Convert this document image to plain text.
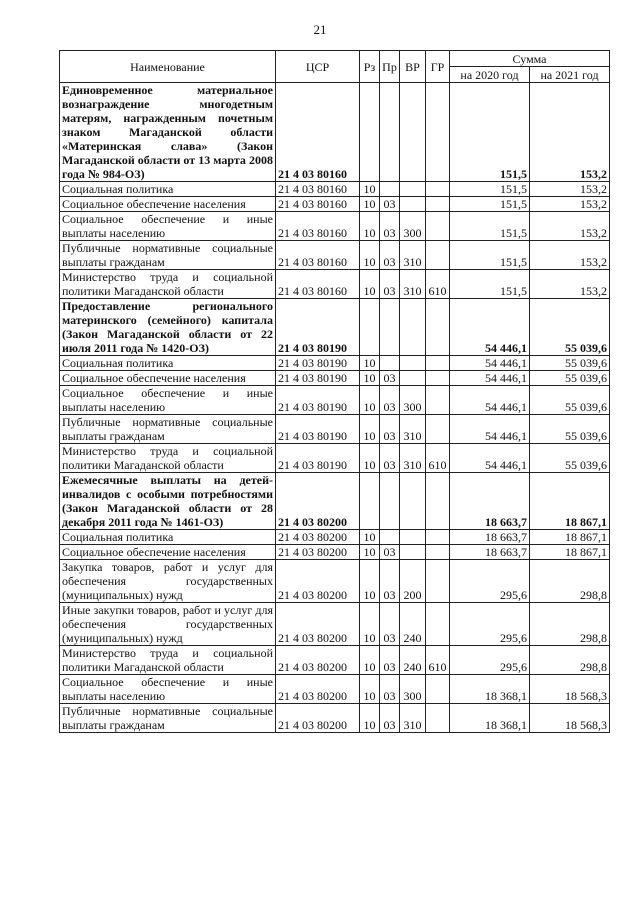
21
Наименование	ЦСР	Рз	Пр	ВР	ГР	Сумма	
						на 2020 год	на 2021 год
Единовременное материальное вознаграждение многодетным матерям, награжденным почетным знаком Магаданской области «Материнская слава» (Закон Магаданской области от 13 марта 2008 года № 984-ОЗ)	21 4 03 80160					151,5	153,2
Социальная политика	21 4 03 80160	10				151,5	153,2
Социальное обеспечение населения	21 4 03 80160	10	03			151,5	153,2
Социальное обеспечение и иные выплаты населению	21 4 03 80160	10	03	300		151,5	153,2
Публичные нормативные социальные выплаты гражданам	21 4 03 80160	10	03	310		151,5	153,2
Министерство труда и социальной политики Магаданской области	21 4 03 80160	10	03	310	610	151,5	153,2
Предоставление регионального материнского (семейного) капитала (Закон Магаданской области от 22 июля 2011 года № 1420-ОЗ)	21 4 03 80190					54 446,1	55 039,6
Социальная политика	21 4 03 80190	10				54 446,1	55 039,6
Социальное обеспечение населения	21 4 03 80190	10	03			54 446,1	55 039,6
Социальное обеспечение и иные выплаты населению	21 4 03 80190	10	03	300		54 446,1	55 039,6
Публичные нормативные социальные выплаты гражданам	21 4 03 80190	10	03	310		54 446,1	55 039,6
Министерство труда и социальной политики Магаданской области	21 4 03 80190	10	03	310	610	54 446,1	55 039,6
Ежемесячные выплаты на детей-инвалидов с особыми потребностями (Закон Магаданской области от 28 декабря 2011 года № 1461-ОЗ)	21 4 03 80200					18 663,7	18 867,1
Социальная политика	21 4 03 80200	10				18 663,7	18 867,1
Социальное обеспечение населения	21 4 03 80200	10	03			18 663,7	18 867,1
Закупка товаров, работ и услуг для обеспечения государственных (муниципальных) нужд	21 4 03 80200	10	03	200		295,6	298,8
Иные закупки товаров, работ и услуг для обеспечения государственных (муниципальных) нужд	21 4 03 80200	10	03	240		295,6	298,8
Министерство труда и социальной политики Магаданской области	21 4 03 80200	10	03	240	610	295,6	298,8
Социальное обеспечение и иные выплаты населению	21 4 03 80200	10	03	300		18 368,1	18 568,3
Публичные нормативные социальные выплаты гражданам	21 4 03 80200	10	03	310		18 368,1	18 568,3
